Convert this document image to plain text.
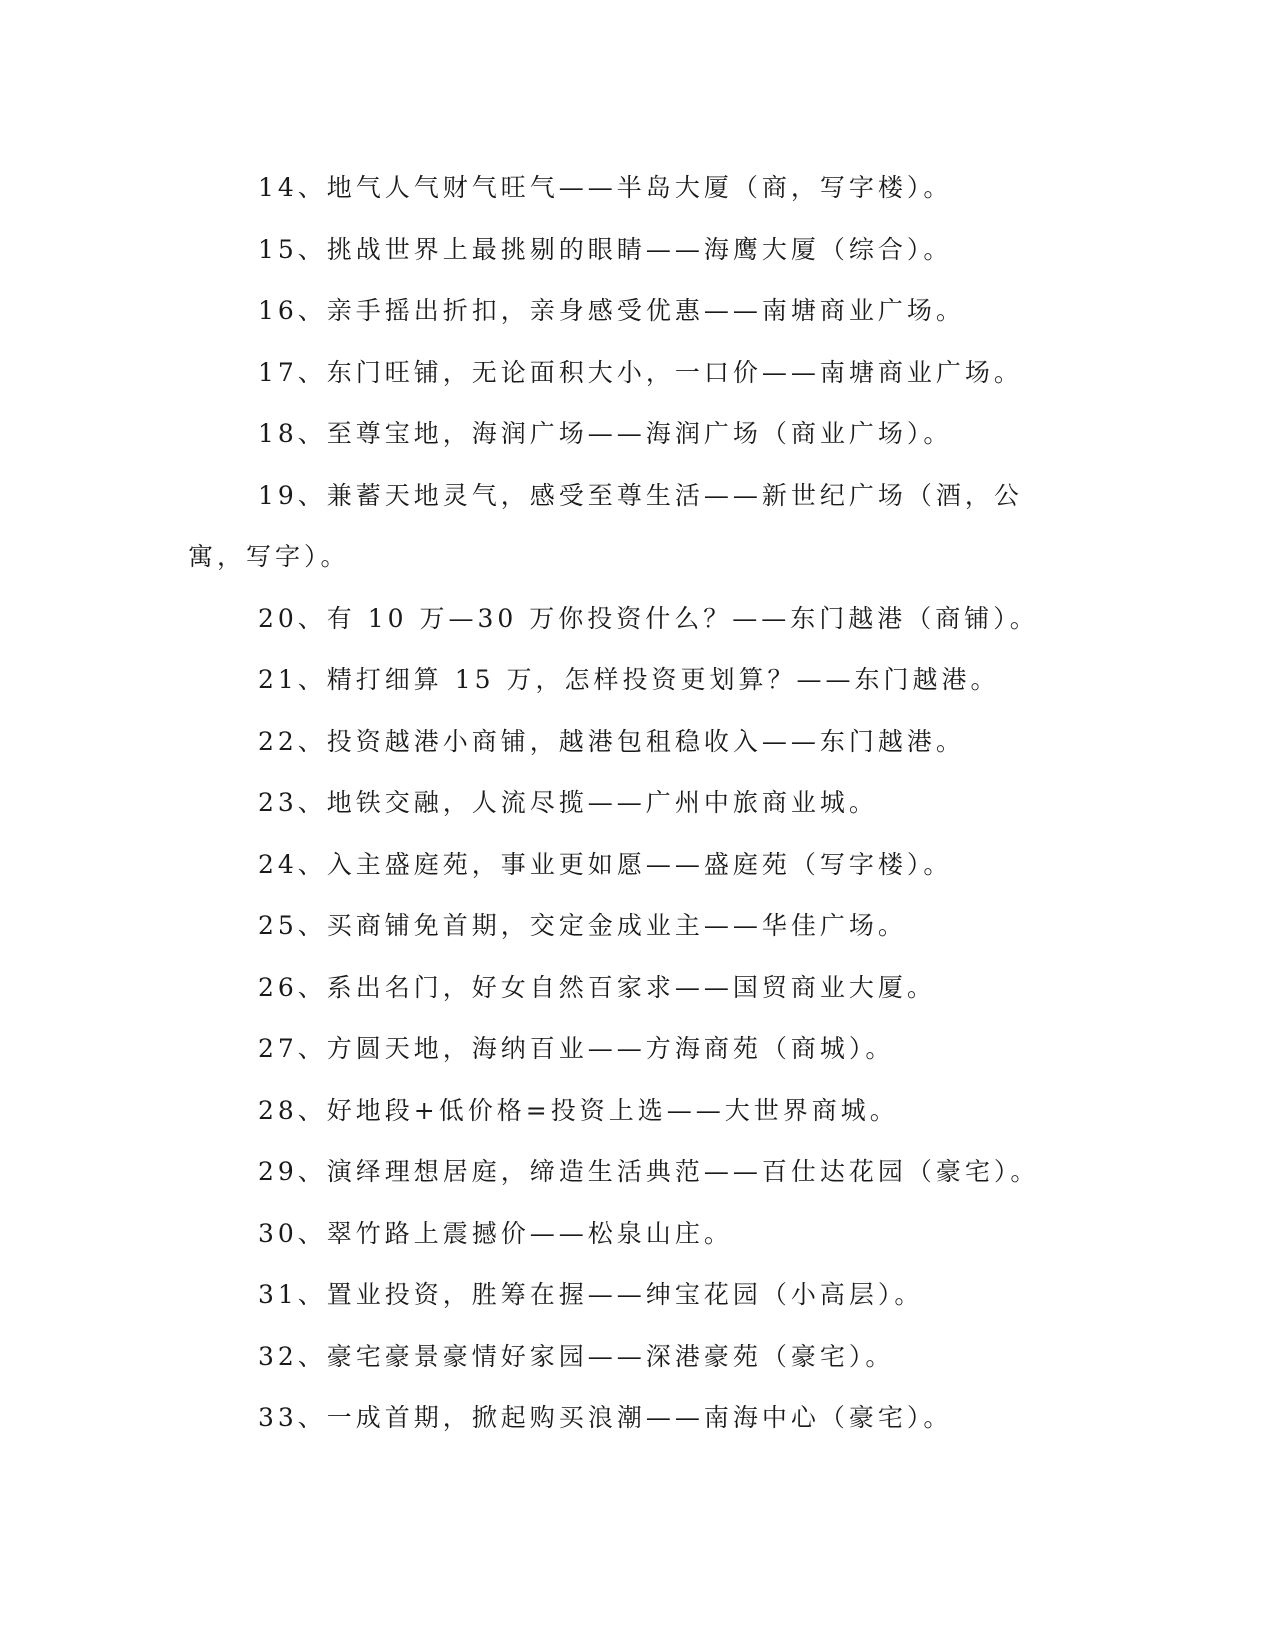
14、地气人气财气旺气——半岛大厦（商，写字楼）。

15、挑战世界上最挑剔的眼睛——海鹰大厦（综合）。

16、亲手摇出折扣，亲身感受优惠——南塘商业广场。

17、东门旺铺，无论面积大小，一口价——南塘商业广场。

18、至尊宝地，海润广场——海润广场（商业广场）。

19、兼蓄天地灵气，感受至尊生活——新世纪广场（酒，公寓，写字）。

20、有 10 万—30 万你投资什么？——东门越港（商铺）。

21、精打细算 15 万，怎样投资更划算？——东门越港。

22、投资越港小商铺，越港包租稳收入——东门越港。

23、地铁交融，人流尽揽——广州中旅商业城。

24、入主盛庭苑，事业更如愿——盛庭苑（写字楼）。

25、买商铺免首期，交定金成业主——华佳广场。

26、系出名门，好女自然百家求——国贸商业大厦。

27、方圆天地，海纳百业——方海商苑（商城）。

28、好地段+低价格=投资上选——大世界商城。

29、演绎理想居庭，缔造生活典范——百仕达花园（豪宅）。

30、翠竹路上震撼价——松泉山庄。

31、置业投资，胜筹在握——绅宝花园（小高层）。

32、豪宅豪景豪情好家园——深港豪苑（豪宅）。

33、一成首期，掀起购买浪潮——南海中心（豪宅）。
